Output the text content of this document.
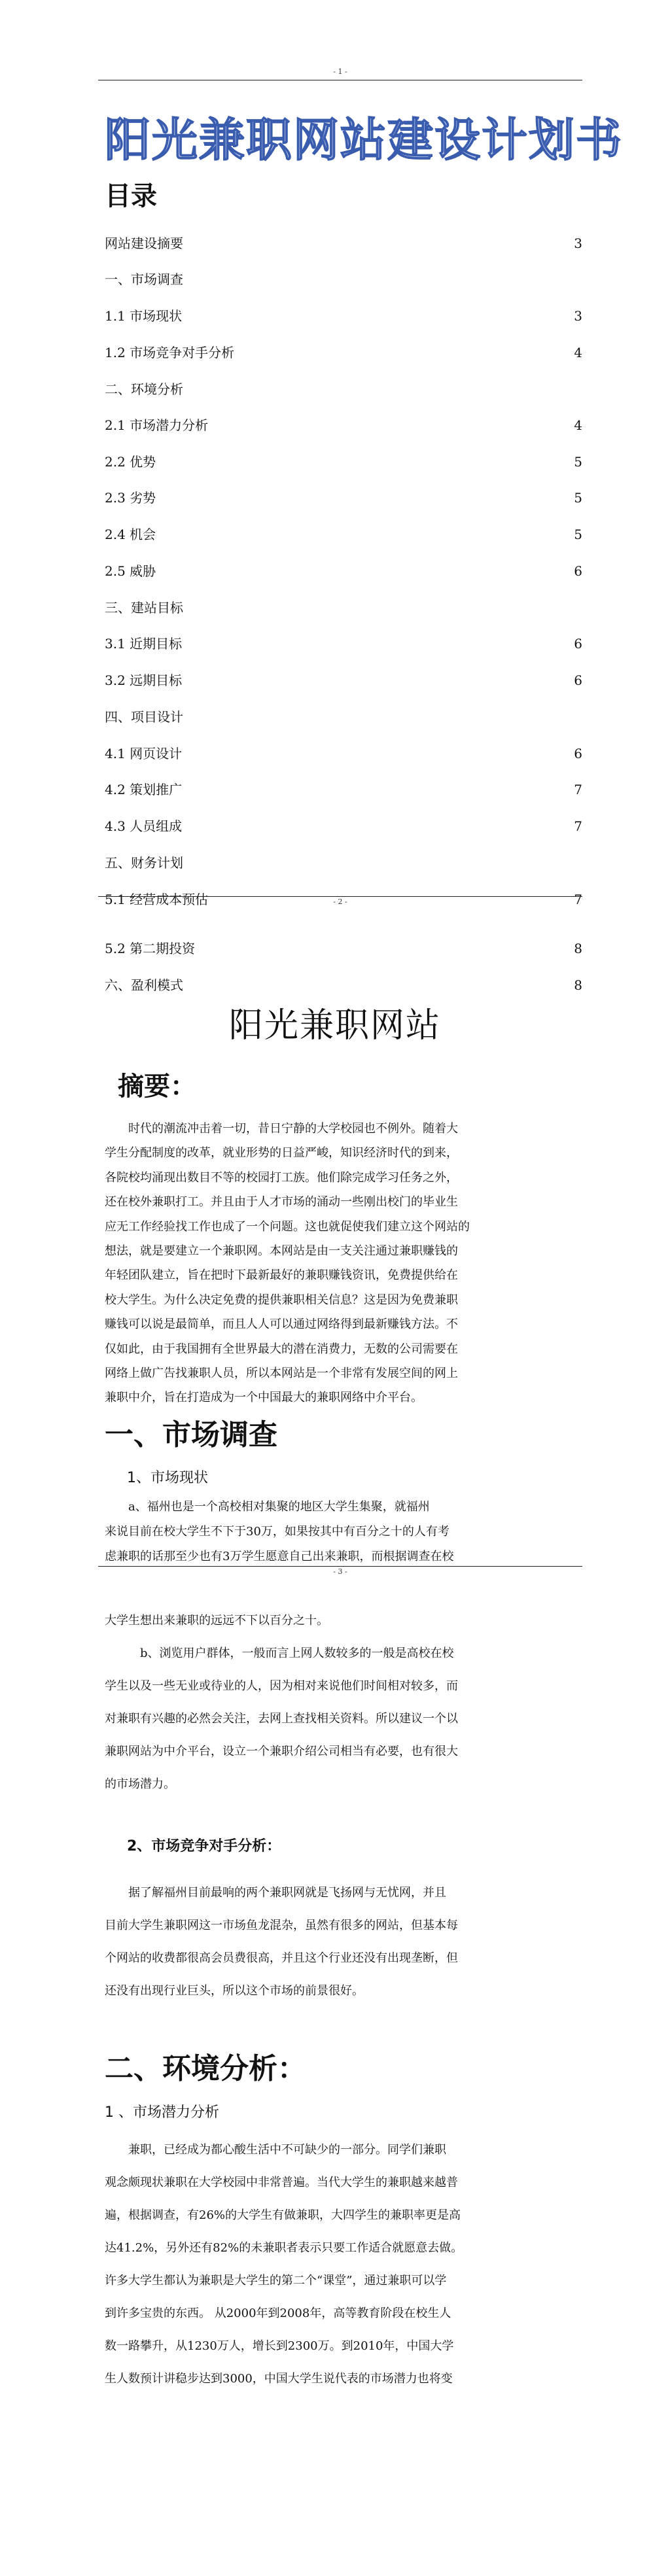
- 1 -
阳光兼职网站建设计划书
目录
网站建设摘要	3
一、市场调查
1.1 市场现状	3
1.2 市场竞争对手分析	4
二、环境分析
2.1 市场潜力分析	4
2.2 优势	5
2.3 劣势	5
2.4 机会	5
2.5 威胁	6
三、建站目标
3.1 近期目标	6
3.2 远期目标	6
四、项目设计
4.1 网页设计	6
4.2 策划推广	7
4.3 人员组成	7
五、财务计划
5.1 经营成本预估	7
5.2 第二期投资	8
六、盈利模式	8
- 2 -
阳光兼职网站
摘要：

　　时代的潮流冲击着一切，昔日宁静的大学校园也不例外。随着大

学生分配制度的改革，就业形势的日益严峻，知识经济时代的到来，

各院校均涌现出数目不等的校园打工族。他们除完成学习任务之外，

还在校外兼职打工。并且由于人才市场的涌动一些刚出校门的毕业生

应无工作经验找工作也成了一个问题。这也就促使我们建立这个网站的

想法，就是要建立一个兼职网。本网站是由一支关注通过兼职赚钱的

年轻团队建立，旨在把时下最新最好的兼职赚钱资讯，免费提供给在

校大学生。为什么决定免费的提供兼职相关信息？这是因为免费兼职

赚钱可以说是最简单，而且人人可以通过网络得到最新赚钱方法。不

仅如此，由于我国拥有全世界最大的潜在消费力，无数的公司需要在

网络上做广告找兼职人员，所以本网站是一个非常有发展空间的网上

兼职中介，旨在打造成为一个中国最大的兼职网络中介平台。

一、市场调查
1、市场现状

　　a、福州也是一个高校相对集聚的地区大学生集聚，就福州

来说目前在校大学生不下于30万，如果按其中有百分之十的人有考

虑兼职的话那至少也有3万学生愿意自己出来兼职，而根据调查在校

- 3 -

大学生想出来兼职的远远不下以百分之十。

　　　b、浏览用户群体，一般而言上网人数较多的一般是高校在校

学生以及一些无业或待业的人，因为相对来说他们时间相对较多，而

对兼职有兴趣的必然会关注，去网上查找相关资料。所以建议一个以

兼职网站为中介平台，设立一个兼职介绍公司相当有必要，也有很大

的市场潜力。

2、市场竞争对手分析：

　　据了解福州目前最响的两个兼职网就是飞扬网与无忧网，并且

目前大学生兼职网这一市场鱼龙混杂，虽然有很多的网站，但基本每

个网站的收费都很高会员费很高，并且这个行业还没有出现垄断，但

还没有出现行业巨头，所以这个市场的前景很好。

二、环境分析：
1 、市场潜力分析

　　兼职，已经成为都心酸生活中不可缺少的一部分。同学们兼职

观念颇现状兼职在大学校园中非常普遍。当代大学生的兼职越来越普

遍，根据调查，有26%的大学生有做兼职，大四学生的兼职率更是高

达41.2%，另外还有82%的未兼职者表示只要工作适合就愿意去做。

许多大学生都认为兼职是大学生的第二个“课堂”，通过兼职可以学

到许多宝贵的东西。 从2000年到2008年，高等教育阶段在校生人

数一路攀升，从1230万人，增长到2300万。到2010年，中国大学

生人数预计讲稳步达到3000，中国大学生说代表的市场潜力也将变
